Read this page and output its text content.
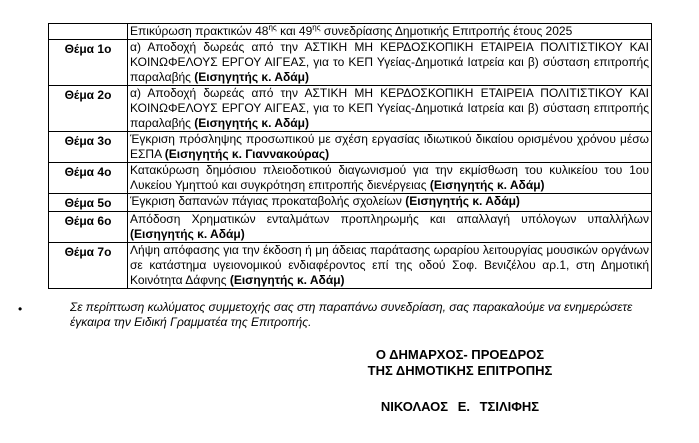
	Επικύρωση πρακτικών $48^{\eta\varsigma}$ και $49^{\eta\varsigma}$ συνεδρίασης Δημοτικής Επιτροπής έτους 2025
Θέμα 1ο	α) Αποδοχή δωρεάς από την ΑΣΤΙΚΗ ΜΗ ΚΕΡΔΟΣΚΟΠΙΚΗ ΕΤΑΙΡΕΙΑ ΠΟΛΙΤΙΣΤΙΚΟΥ ΚΑΙ ΚΟΙΝΩΦΕΛΟΥΣ ΕΡΓΟΥ ΑΙΓΕΑΣ, για το ΚΕΠ Υγείας-Δημοτικά Ιατρεία και β) σύσταση επιτροπής παραλαβής (Εισηγητής κ. Αδάμ)
Θέμα 2ο	α) Αποδοχή δωρεάς από την ΑΣΤΙΚΗ ΜΗ ΚΕΡΔΟΣΚΟΠΙΚΗ ΕΤΑΙΡΕΙΑ ΠΟΛΙΤΙΣΤΙΚΟΥ ΚΑΙ ΚΟΙΝΩΦΕΛΟΥΣ ΕΡΓΟΥ ΑΙΓΕΑΣ, για το ΚΕΠ Υγείας-Δημοτικά Ιατρεία και β) σύσταση επιτροπής παραλαβής (Εισηγητής κ. Αδάμ)
Θέμα 3ο	Έγκριση πρόσληψης προσωπικού με σχέση εργασίας ιδιωτικού δικαίου ορισμένου χρόνου μέσω ΕΣΠΑ (Εισηγητής κ. Γιαννακούρας)
Θέμα 4ο	Κατακύρωση δημόσιου πλειοδοτικού διαγωνισμού για την εκμίσθωση του κυλικείου του 1ου Λυκείου Υμηττού και συγκρότηση επιτροπής διενέργειας (Εισηγητής κ. Αδάμ)
Θέμα 5ο	Έγκριση δαπανών πάγιας προκαταβολής σχολείων (Εισηγητής κ. Αδάμ)
Θέμα 6ο	Απόδοση Χρηματικών ενταλμάτων προπληρωμής και απαλλαγή υπόλογων υπαλλήλων (Εισηγητής κ. Αδάμ)
Θέμα 7ο	Λήψη απόφασης για την έκδοση ή μη άδειας παράτασης ωραρίου λειτουργίας μουσικών οργάνων σε κατάστημα υγειονομικού ενδιαφέροντος επί της οδού Σοφ. Βενιζέλου αρ.1, στη Δημοτική Κοινότητα Δάφνης (Εισηγητής κ. Αδάμ)
•	Σε περίπτωση κωλύματος συμμετοχής σας στη παραπάνω συνεδρίαση, σας παρακαλούμε να ενημερώσετε έγκαιρα την Ειδική Γραμματέα της Επιτροπής.
Ο ΔΗΜΑΡΧΟΣ- ΠΡΟΕΔΡΟΣ
ΤΗΣ ΔΗΜΟΤΙΚΗΣ ΕΠΙΤΡΟΠΗΣ
ΝΙΚΟΛΑΟΣ Ε. ΤΣΙΛΙΦΗΣ
